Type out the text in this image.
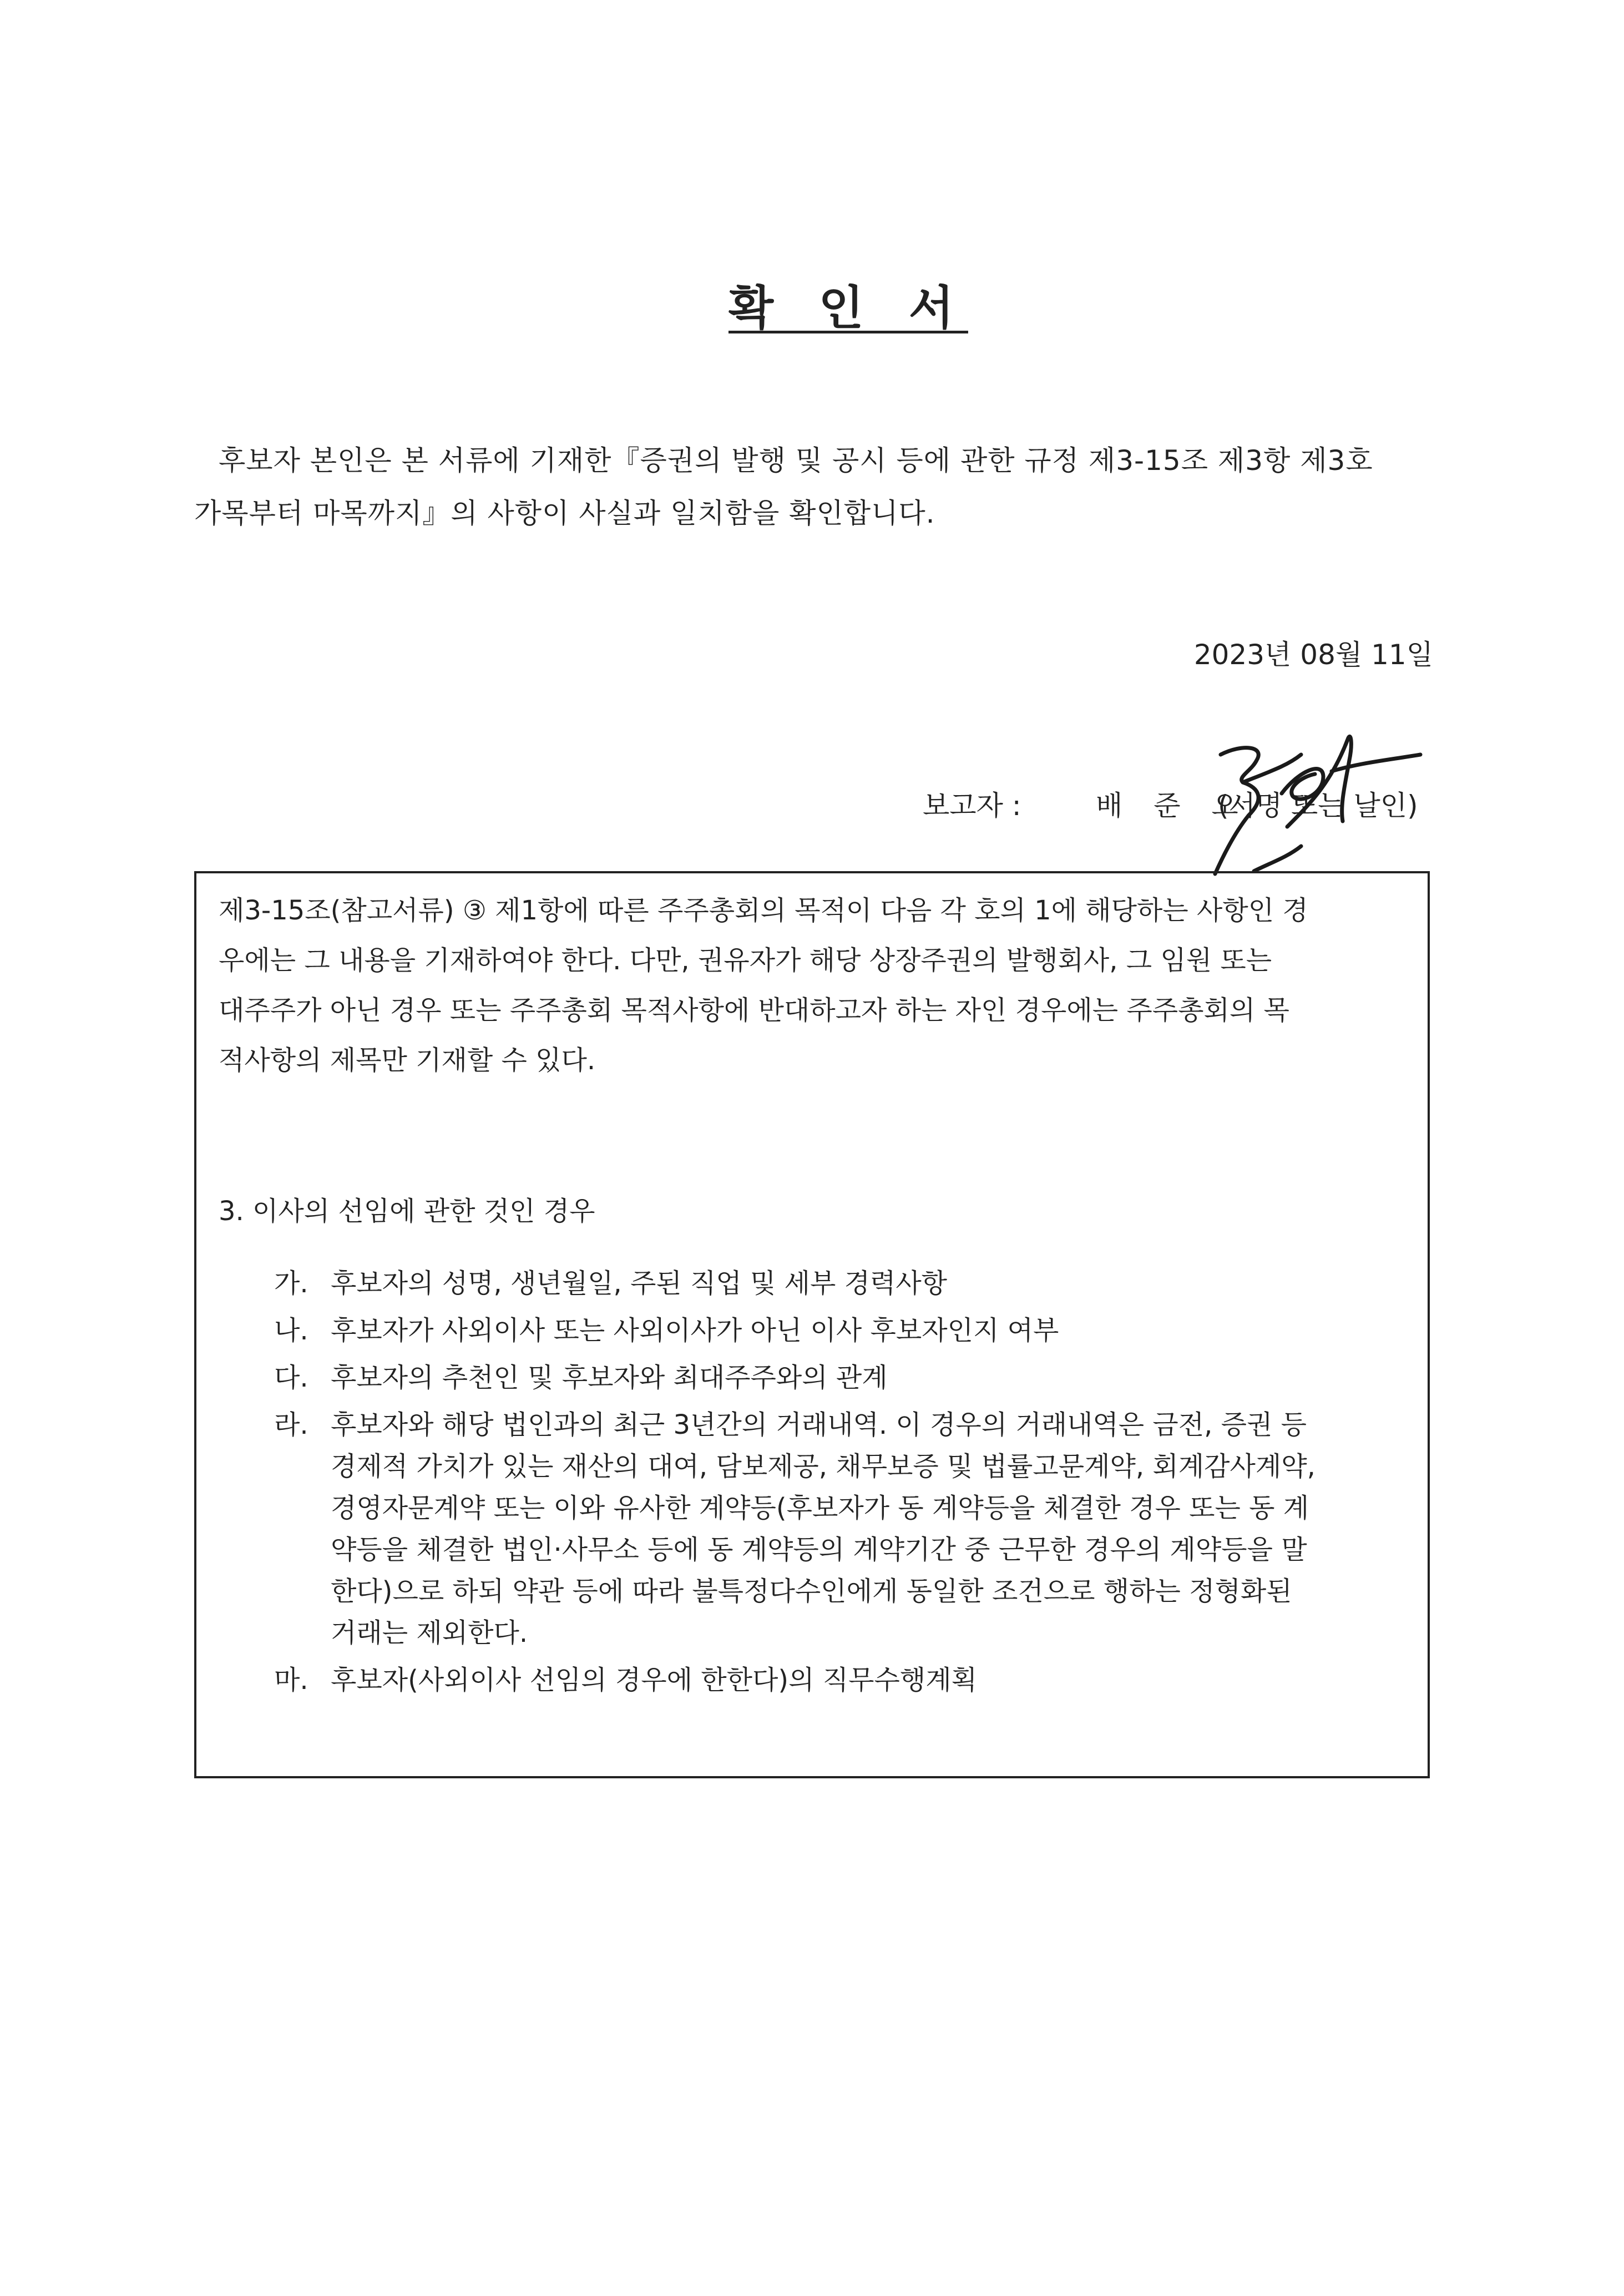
확 인 서
후보자 본인은 본 서류에 기재한『증권의 발행 및 공시 등에 관한 규정 제3-15조 제3항 제3호
가목부터 마목까지』의 사항이 사실과 일치함을 확인합니다.
2023년 08월 11일
보고자 :	배 준 오
(서명 또는 날인)
제3-15조(참고서류) ③ 제1항에 따른 주주총회의 목적이 다음 각 호의 1에 해당하는 사항인 경
우에는 그 내용을 기재하여야 한다. 다만, 권유자가 해당 상장주권의 발행회사, 그 임원 또는
대주주가 아닌 경우 또는 주주총회 목적사항에 반대하고자 하는 자인 경우에는 주주총회의 목
적사항의 제목만 기재할 수 있다.
3. 이사의 선임에 관한 것인 경우
가. 후보자의 성명, 생년월일, 주된 직업 및 세부 경력사항
나. 후보자가 사외이사 또는 사외이사가 아닌 이사 후보자인지 여부
다. 후보자의 추천인 및 후보자와 최대주주와의 관계
라. 후보자와 해당 법인과의 최근 3년간의 거래내역. 이 경우의 거래내역은 금전, 증권 등
경제적 가치가 있는 재산의 대여, 담보제공, 채무보증 및 법률고문계약, 회계감사계약,
경영자문계약 또는 이와 유사한 계약등(후보자가 동 계약등을 체결한 경우 또는 동 계
약등을 체결한 법인·사무소 등에 동 계약등의 계약기간 중 근무한 경우의 계약등을 말
한다)으로 하되 약관 등에 따라 불특정다수인에게 동일한 조건으로 행하는 정형화된
거래는 제외한다.
마. 후보자(사외이사 선임의 경우에 한한다)의 직무수행계획
